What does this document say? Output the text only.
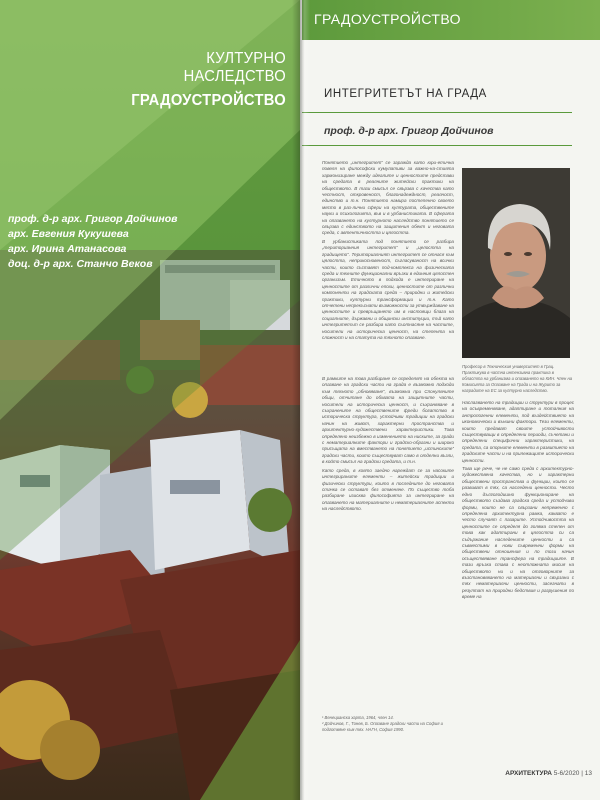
КУЛТУРНО НАСЛЕДСТВО
ГРАДОУСТРОЙСТВО
проф. д-р арх. Григор Дойчинов
арх. Евгения Кукушева
арх. Ирина Атанасова
доц. д-р арх. Станчо Веков
ГРАДОУСТРОЙСТВО
ИНТЕГРИТЕТЪТ НА ГРАДА
проф. д-р арх. Григор Дойчинов

Понятието „интегритет“ се заражда като юри-етична повеля на философски кумулативи за важно-на-стията хармонизиране между идеалите и ценностите представи на средата в реалните житейски практики на обществото. В тази смисъл се свързва с качества като честност, откровеност, благонадеждност, реалност, единство и т.н. Понятието намира постепенно своето място в раз-лични сфери на културата, обществените науки и психологията, във и в урбанистиката. В сферата на опазването на културното наследство понятието се свързва с единството на защитения обект и неговата среда, с автентичността и цялостта.

В урбанистиката под понятието се разбира „територианния интегритет“ и „целостта на градището“. Териториалният интегритет се отнася към цялостта, неприкосновеност, съгласуваност на всички части, които съставят под-комплекса на физическата среда и техните функционални връзки в единния цялостен организъм. Етичното в подхода е интегриране на ценностите от различни епохи, ценностите от различни компоненти на градската среда – природни и житейски практики, културни трансформации и т.н. Като отчетени непрекъснати възможности за утвърждаване на ценностите и превръщането им в настоящи блага на социалните, държавни и общински институции, тъй като интегритетът се разбира като съотнасяне на частите, носители на историческа ценност, на степента на сложност и на статута на тяхното опазване.

Професор в Техническия университет в Грац. Практикува в частна интензивна практика в областта на урбанизма и опазването на КИН. Член на Комисията за Опазване на Града и на Журито за наградите на ЕС за културно наследство.

В рамките на това разбиране се определят на обекта на опазване на градски части на града е възможно подходи към тяхното „обновяване“, възможна при Спонуляните общи, отчитане до обхвата на защитните части, носители на историческа ценност, и съхраняване в съхранените на обществените фреди богатство в историческа структура, устойчиви традиции на градски начин на живот, характерни пространства и архитектурно-художествени характеристики. Това определено неизбежно в изменението на ниските, за гради с нематериалните фактори и градско-образни и широко присъщата на вместването на понятието „истинските“ градски части, които съществуват само в отделни възли, в който смисъл на градски средата, и т.н.

Като среда, в която заедно нареждат се за насоките интегрираните елементи – житейски традиции и физически структури, които в последните до неговата стачка се остават без отменяне. По същество тоба разбиране изисква философията за интегриране на опазването на материалните и нематериалните аспекти на наследството.

Наслагването на традиции и структури в процес на осъвременяване, адаптиране и тоталния на антропогенни елементи, под въздействието на икономически и външни фактори. Тези елементи, които предават своите устойчивости съществуващи в определени периоди, съчетани и определени специфични характеристики, на средата, са опорните елементи в развитието на градските части и на прилежащите исторически ценности.

Това ще рече, че не само среда с архитектурно-художествена качества, но и характерни обществени пространства и функции, които се развиват в тях, са наследени ценности. Често едно дългогодишно функциониране на обществото създава градска среда и устойчиви форми, които не са свързани непременно с определена архитектурна рамка, каквато е често случаят с пазарите. Устойчивостта на ценностите се определя до голяма степен от това как адаптирани в цялостта си са съдържание наследените ценности и са съвместими в нови съвременни форми на обществени отношения и по този начин осъществяване трансфера на традициите. В тази връзка става с неотложната мисия на обществото ни и на отговорните за възстановяването на материални и свързани с тях нематериални ценности, засегнати в резултат на природни бедствия и разрушения по време на

¹ Венецианска харта, 1964, член 14.
² Дойчинов, Г., Тонев, Б. Опазване градски части на София и подготвяне към тях. НАГН, София 1990.
АРХИТЕКТУРА 5-6/2020 | 13
